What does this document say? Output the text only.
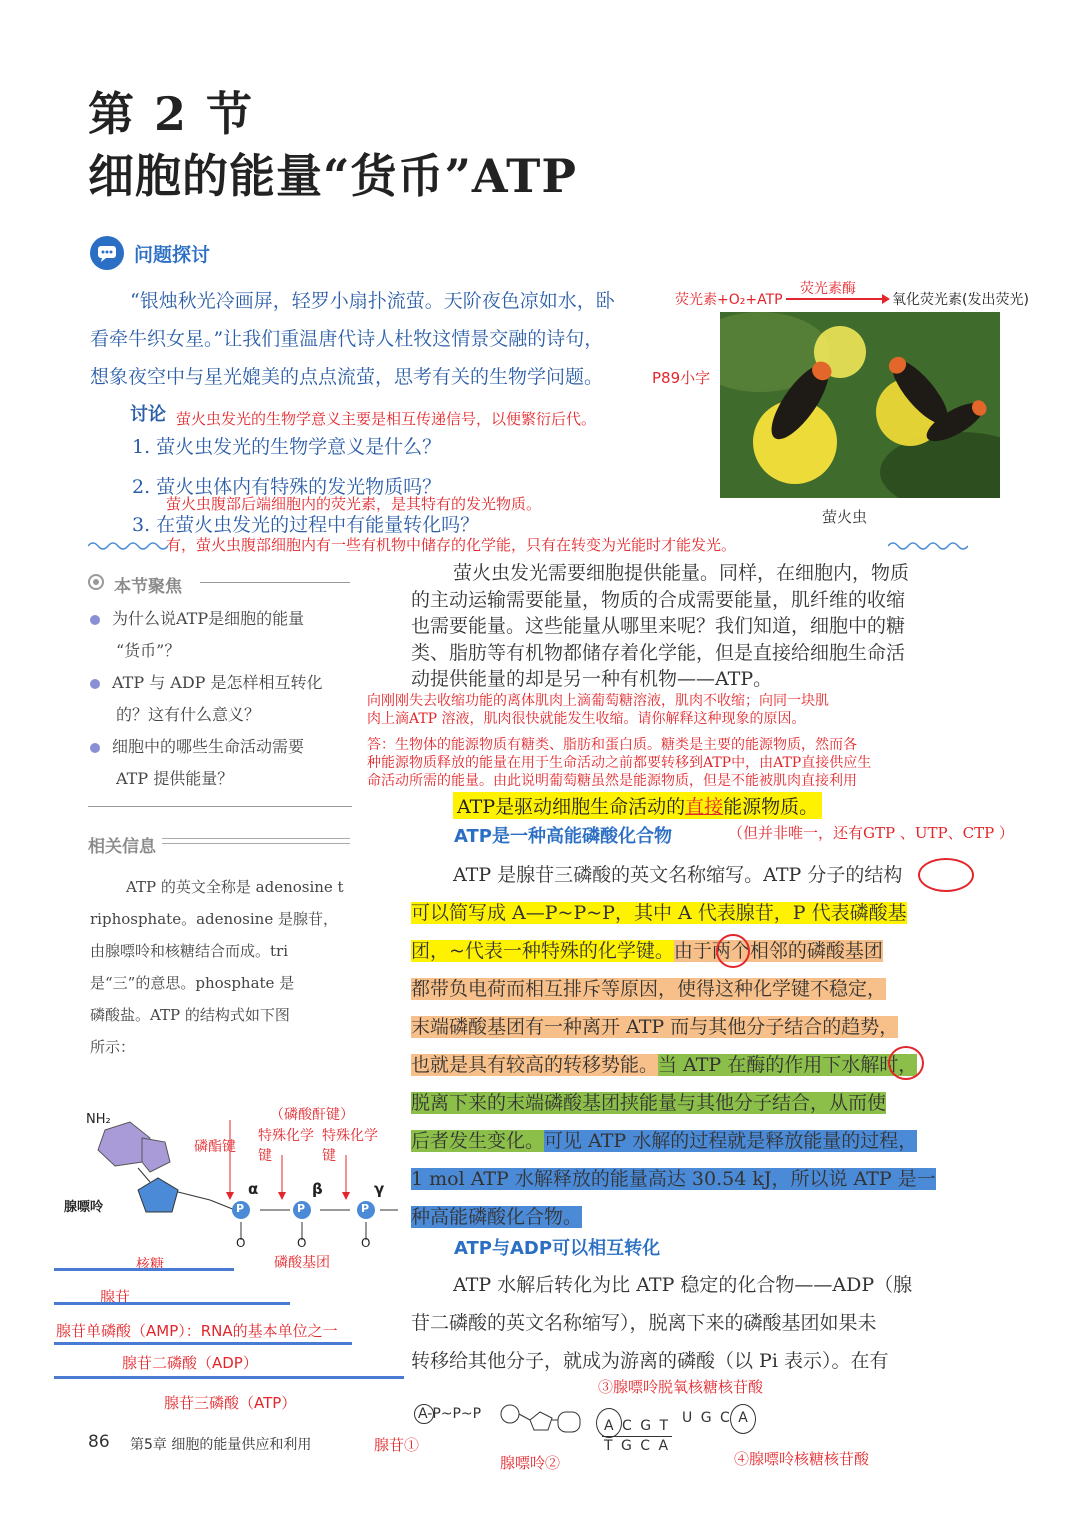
第 2 节
细胞的能量“货币”ATP
问题探讨
“银烛秋光冷画屏，轻罗小扇扑流萤。天阶夜色凉如水，卧
看牵牛织女星。”让我们重温唐代诗人杜牧这情景交融的诗句，
想象夜空中与星光媲美的点点流萤，思考有关的生物学问题。	P89小字
讨论 萤火虫发光的生物学意义主要是相互传递信号，以便繁衍后代。
1. 萤火虫发光的生物学意义是什么？
2. 萤火虫体内有特殊的发光物质吗？
萤火虫腹部后端细胞内的荧光素，是其特有的发光物质。
3. 在萤火虫发光的过程中有能量转化吗？
有，萤火虫腹部细胞内有一些有机物中储存的化学能，只有在转变为光能时才能发光。
荧光素+O₂+ATP
荧光素酶
氧化荧光素(发出荧光)
萤火虫
本节聚焦
为什么说ATP是细胞的能量
“货币”？
ATP 与 ADP 是怎样相互转化
的？这有什么意义？
细胞中的哪些生命活动需要
ATP 提供能量？
相关信息
ATP 的英文全称是 adenosine t
riphosphate。adenosine 是腺苷，
由腺嘌呤和核糖结合而成。tri
是“三”的意思。phosphate 是
磷酸盐。ATP 的结构式如下图
所示：
NH₂
腺嘌呤
核糖
磷酯键
（磷酸酐键）
特殊化学键
特殊化学键
α	β	γ
P	P	P
O	O	O
磷酸基团
腺苷
腺苷单磷酸（AMP）：RNA的基本单位之一
腺苷二磷酸（ADP）
腺苷三磷酸（ATP）
萤火虫发光需要细胞提供能量。同样，在细胞内，物质
的主动运输需要能量，物质的合成需要能量，肌纤维的收缩
也需要能量。这些能量从哪里来呢？我们知道，细胞中的糖
类、脂肪等有机物都储存着化学能，但是直接给细胞生命活
动提供能量的却是另一种有机物——ATP。
向刚刚失去收缩功能的离体肌肉上滴葡萄糖溶液，肌肉不收缩；向同一块肌
肉上滴ATP 溶液，肌肉很快就能发生收缩。请你解释这种现象的原因。
答：生物体的能源物质有糖类、脂肪和蛋白质。糖类是主要的能源物质，然而各
种能源物质释放的能量在用于生命活动之前都要转移到ATP中，由ATP直接供应生
命活动所需的能量。由此说明葡萄糖虽然是能源物质，但是不能被肌肉直接利用
ATP是驱动细胞生命活动的直接能源物质。
ATP是一种高能磷酸化合物	（但并非唯一，还有GTP 、UTP、CTP ）
ATP 是腺苷三磷酸的英文名称缩写。ATP 分子的结构
可以简写成 A—P~P~P，其中 A 代表腺苷，P 代表磷酸基
团，~代表一种特殊的化学键。由于两个相邻的磷酸基团
都带负电荷而相互排斥等原因，使得这种化学键不稳定，
末端磷酸基团有一种离开 ATP 而与其他分子结合的趋势，
也就是具有较高的转移势能。当 ATP 在酶的作用下水解时，
脱离下来的末端磷酸基团挟能量与其他分子结合，从而使
后者发生变化。可见 ATP 水解的过程就是释放能量的过程，
1 mol ATP 水解释放的能量高达 30.54 kJ，所以说 ATP 是一
种高能磷酸化合物。
ATP与ADP可以相互转化
ATP 水解后转化为比 ATP 稳定的化合物——ADP（腺
苷二磷酸的英文名称缩写），脱离下来的磷酸基团如果未
转移给其他分子，就成为游离的磷酸（以 Pi 表示）。在有
③腺嘌呤脱氧核糖核苷酸
A-P~P~P
腺苷①
腺嘌呤②
A C G T
T G C A
U G C A
④腺嘌呤核糖核苷酸
86 第5章 细胞的能量供应和利用
